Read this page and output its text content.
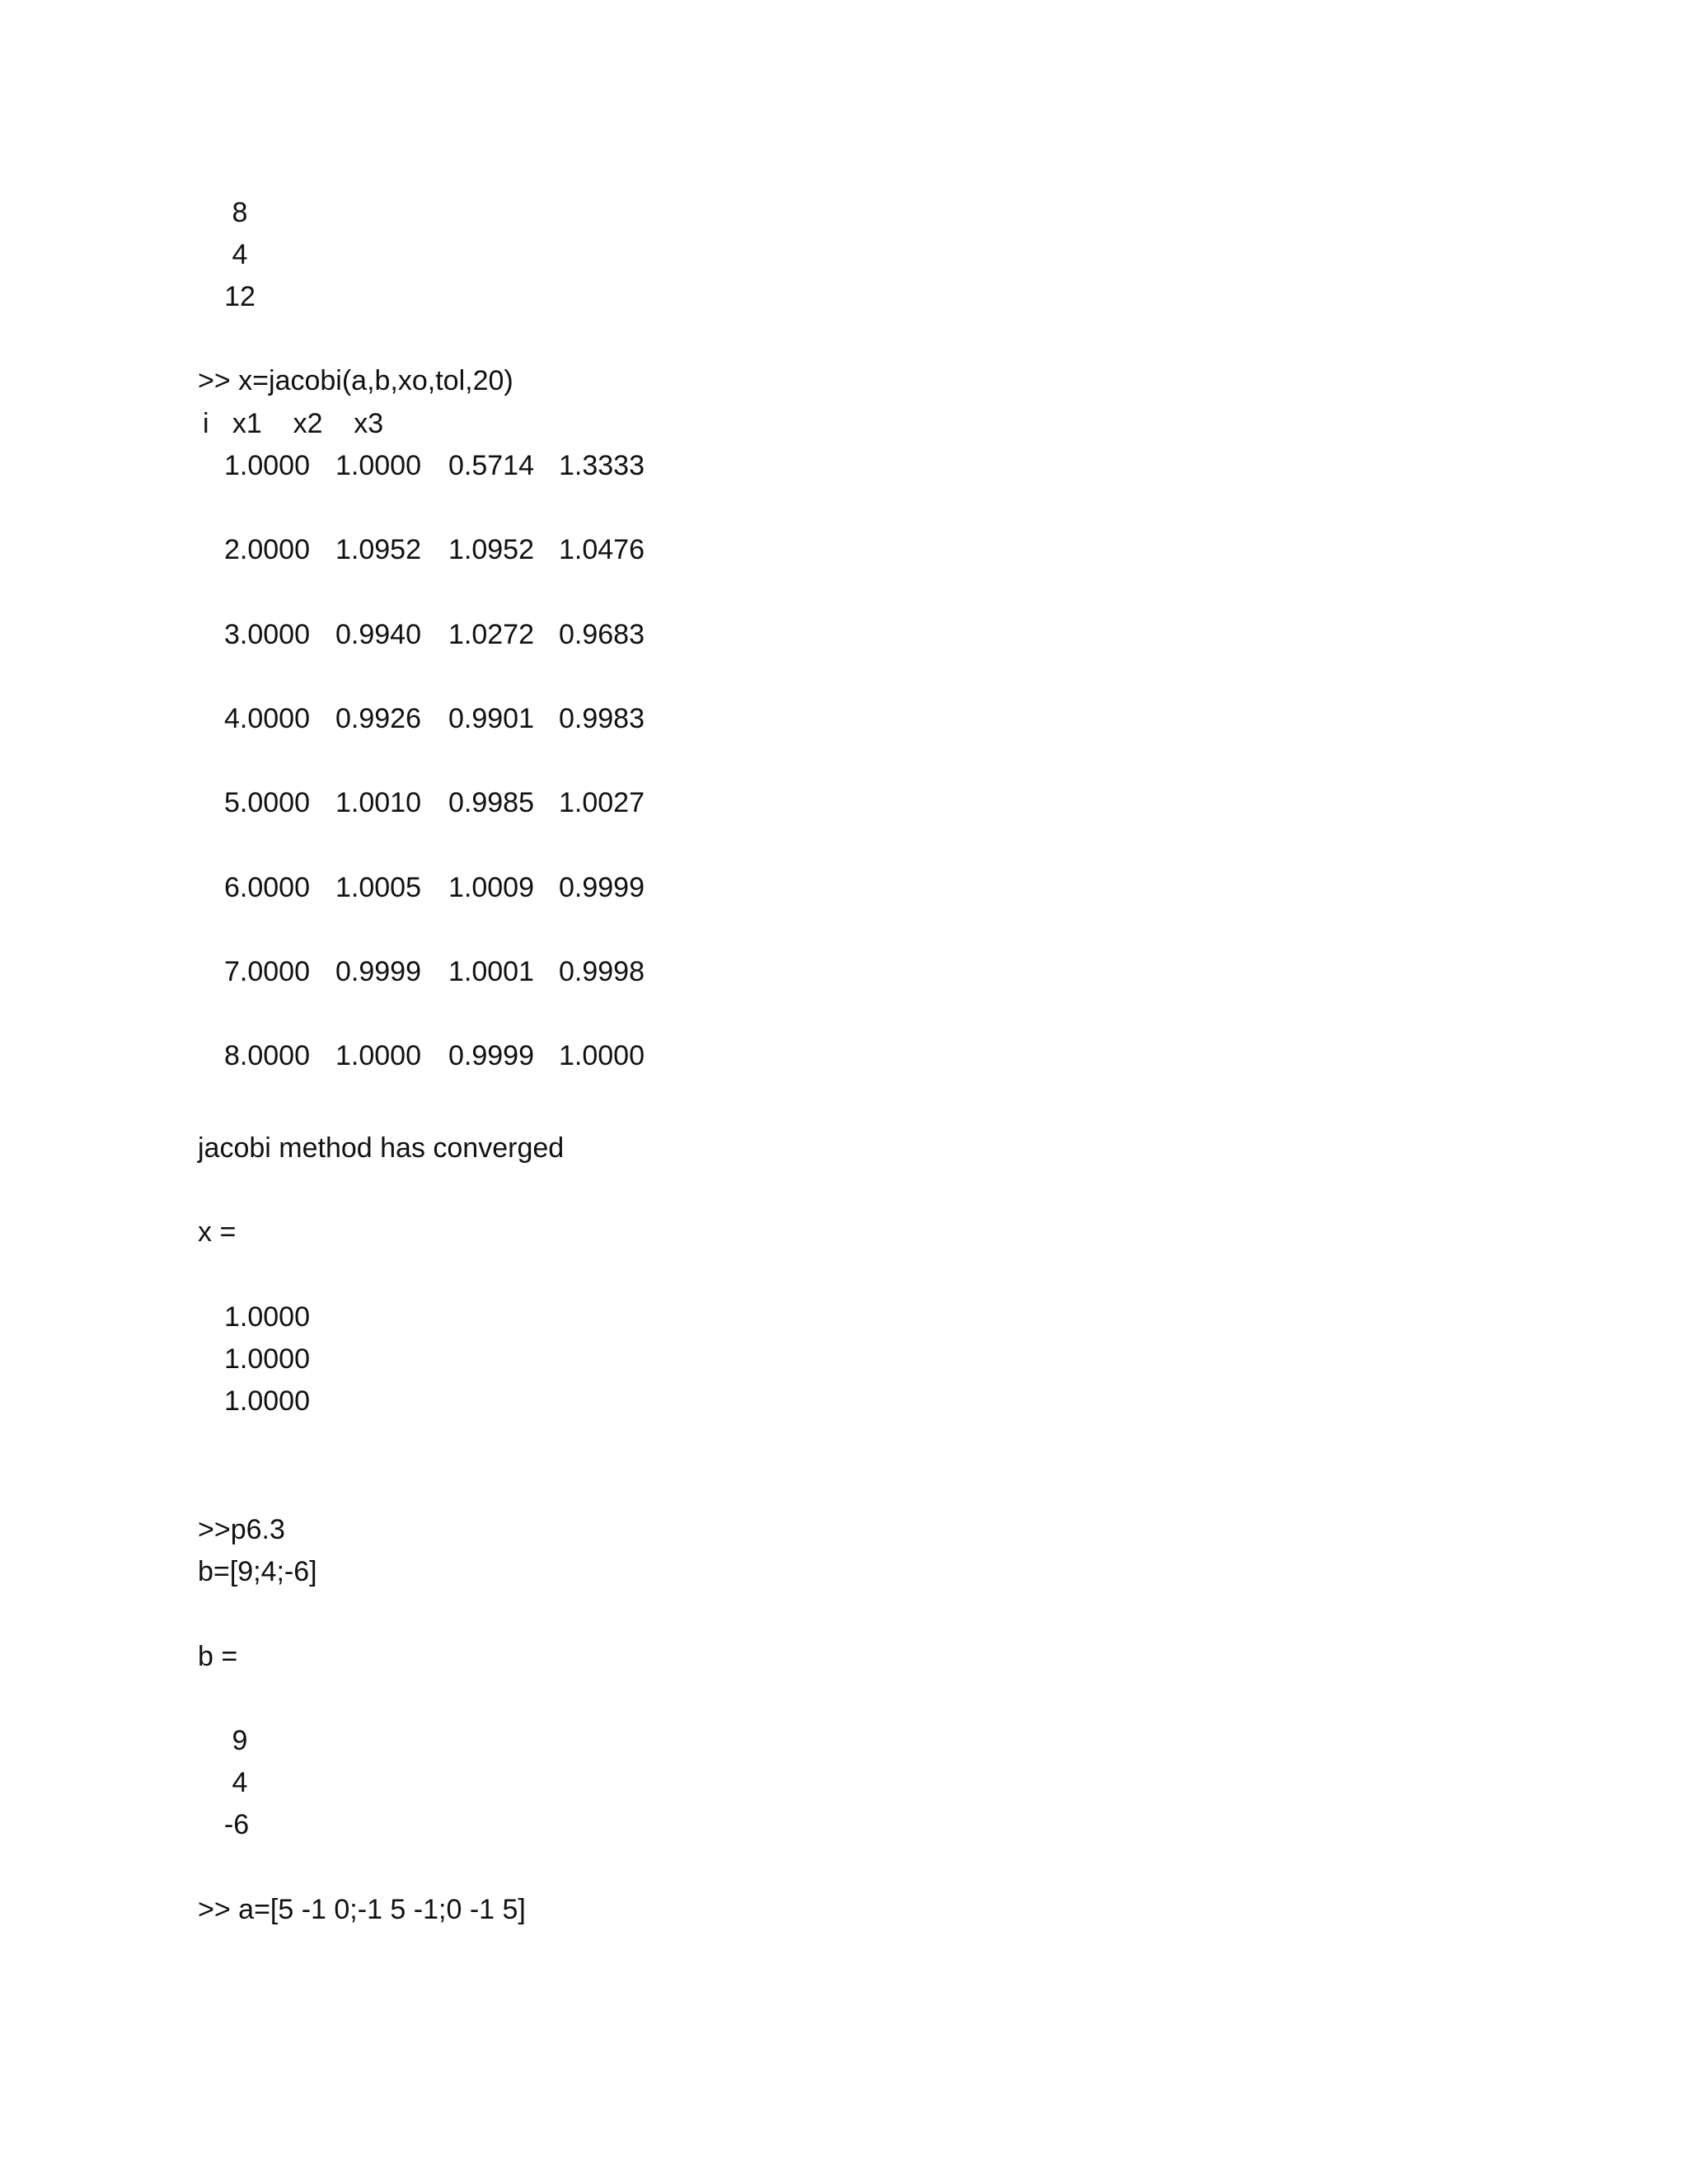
8
4
12
>> x=jacobi(a,b,xo,tol,20)
i   x1    x2    x3
1.0000 1.0000 0.5714 1.3333
2.0000 1.0952 1.0952 1.0476
3.0000 0.9940 1.0272 0.9683
4.0000 0.9926 0.9901 0.9983
5.0000 1.0010 0.9985 1.0027
6.0000 1.0005 1.0009 0.9999
7.0000 0.9999 1.0001 0.9998
8.0000 1.0000 0.9999 1.0000
jacobi method has converged
x =
1.0000
1.0000
1.0000
>>p6.3
b=[9;4;-6]
b =
9
4
-6
>> a=[5 -1 0;-1 5 -1;0 -1 5]
